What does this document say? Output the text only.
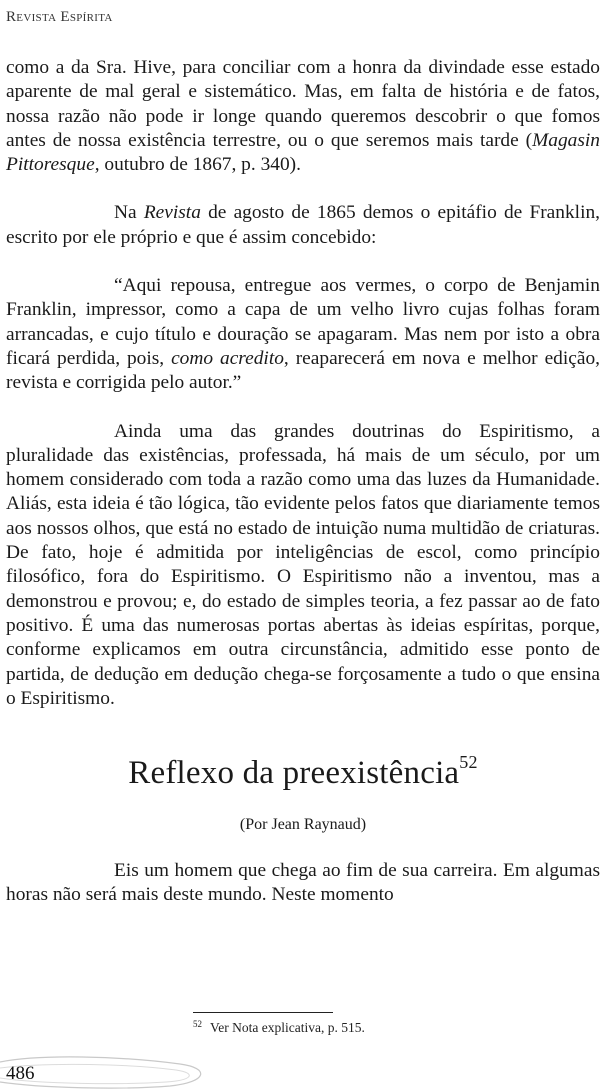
Revista Espírita

como a da Sra. Hive, para conciliar com a honra da divindade esse estado aparente de mal geral e sistemático. Mas, em falta de história e de fatos, nossa razão não pode ir longe quando queremos descobrir o que fomos antes de nossa existência terrestre, ou o que seremos mais tarde (Magasin Pittoresque, outubro de 1867, p. 340).

Na Revista de agosto de 1865 demos o epitáfio de Franklin, escrito por ele próprio e que é assim concebido:

“Aqui repousa, entregue aos vermes, o corpo de Benjamin Franklin, impressor, como a capa de um velho livro cujas folhas foram arrancadas, e cujo título e douração se apagaram. Mas nem por isto a obra ficará perdida, pois, como acredito, reaparecerá em nova e melhor edição, revista e corrigida pelo autor.”

Ainda uma das grandes doutrinas do Espiritismo, a pluralidade das existências, professada, há mais de um século, por um homem considerado com toda a razão como uma das luzes da Humanidade. Aliás, esta ideia é tão lógica, tão evidente pelos fatos que diariamente temos aos nossos olhos, que está no estado de intuição numa multidão de criaturas. De fato, hoje é admitida por inteligências de escol, como princípio filosófico, fora do Espiritismo. O Espiritismo não a inventou, mas a demonstrou e provou; e, do estado de simples teoria, a fez passar ao de fato positivo. É uma das numerosas portas abertas às ideias espíritas, porque, conforme explicamos em outra circunstância, admitido esse ponto de partida, de dedução em dedução chega-se forçosamente a tudo o que ensina o Espiritismo.

Reflexo da preexistência$^{52}$

(Por Jean Raynaud)

Eis um homem que chega ao fim de sua carreira. Em algumas horas não será mais deste mundo. Neste momento

$^{52}$ Ver Nota explicativa, p. 515.
486
